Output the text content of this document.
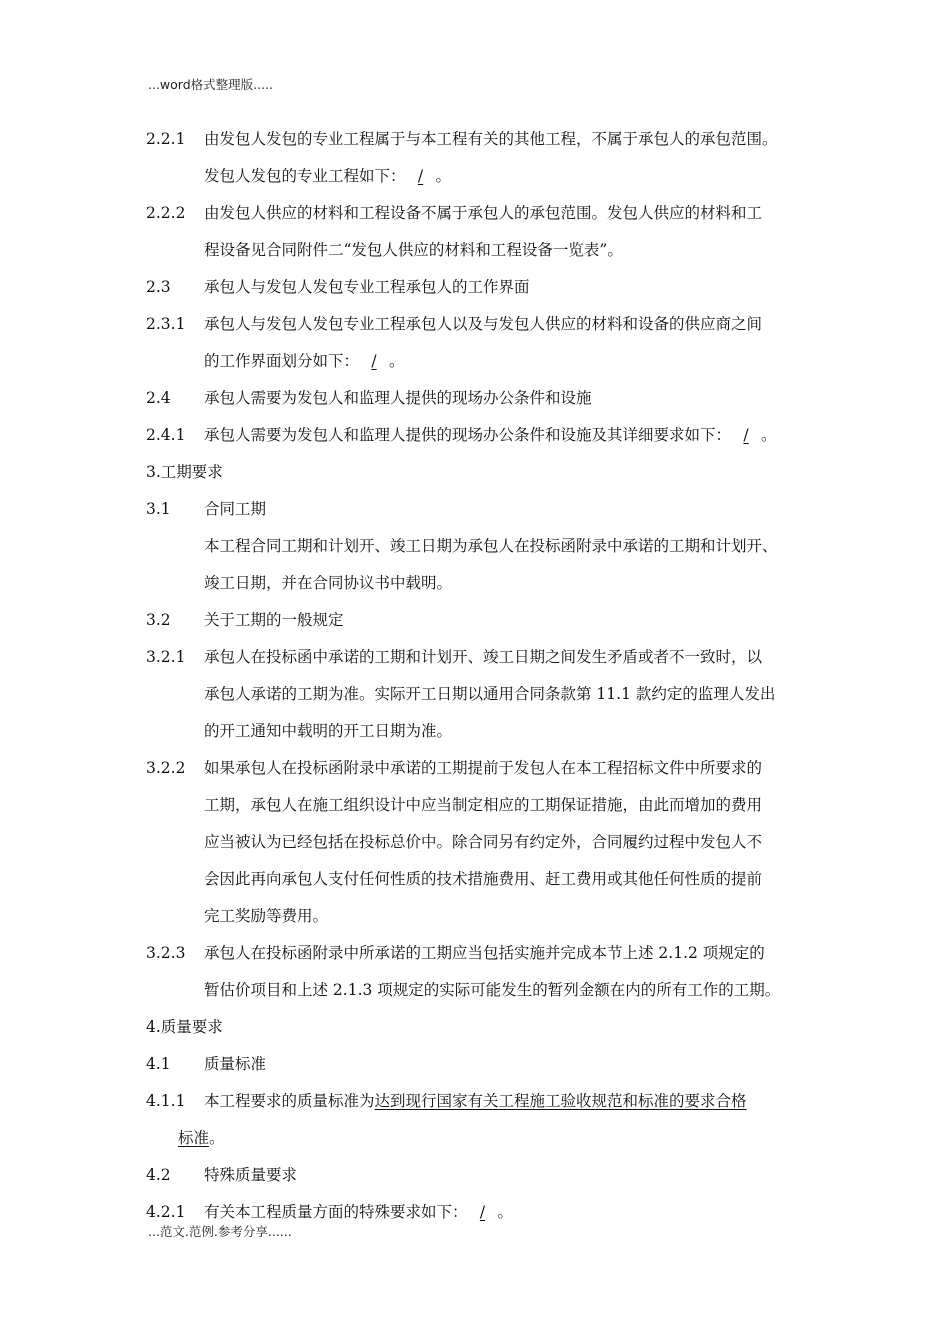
...word格式整理版.....
2.2.1 由发包人发包的专业工程属于与本工程有关的其他工程，不属于承包人的承包范围。
发包人发包的专业工程如下： / 。
2.2.2 由发包人供应的材料和工程设备不属于承包人的承包范围。发包人供应的材料和工
程设备见合同附件二“发包人供应的材料和工程设备一览表”。
2.3 承包人与发包人发包专业工程承包人的工作界面
2.3.1 承包人与发包人发包专业工程承包人以及与发包人供应的材料和设备的供应商之间
的工作界面划分如下： / 。
2.4 承包人需要为发包人和监理人提供的现场办公条件和设施
2.4.1 承包人需要为发包人和监理人提供的现场办公条件和设施及其详细要求如下： / 。
3.工期要求
3.1 合同工期
本工程合同工期和计划开、竣工日期为承包人在投标函附录中承诺的工期和计划开、
竣工日期，并在合同协议书中载明。
3.2 关于工期的一般规定
3.2.1 承包人在投标函中承诺的工期和计划开、竣工日期之间发生矛盾或者不一致时，以
承包人承诺的工期为准。实际开工日期以通用合同条款第 11.1 款约定的监理人发出
的开工通知中载明的开工日期为准。
3.2.2 如果承包人在投标函附录中承诺的工期提前于发包人在本工程招标文件中所要求的
工期，承包人在施工组织设计中应当制定相应的工期保证措施，由此而增加的费用
应当被认为已经包括在投标总价中。除合同另有约定外，合同履约过程中发包人不
会因此再向承包人支付任何性质的技术措施费用、赶工费用或其他任何性质的提前
完工奖励等费用。
3.2.3 承包人在投标函附录中所承诺的工期应当包括实施并完成本节上述 2.1.2 项规定的
暂估价项目和上述 2.1.3 项规定的实际可能发生的暂列金额在内的所有工作的工期。
4.质量要求
4.1 质量标准
4.1.1 本工程要求的质量标准为达到现行国家有关工程施工验收规范和标准的要求合格
标准。
4.2 特殊质量要求
4.2.1 有关本工程质量方面的特殊要求如下： / 。
...范文.范例.参考分享......
